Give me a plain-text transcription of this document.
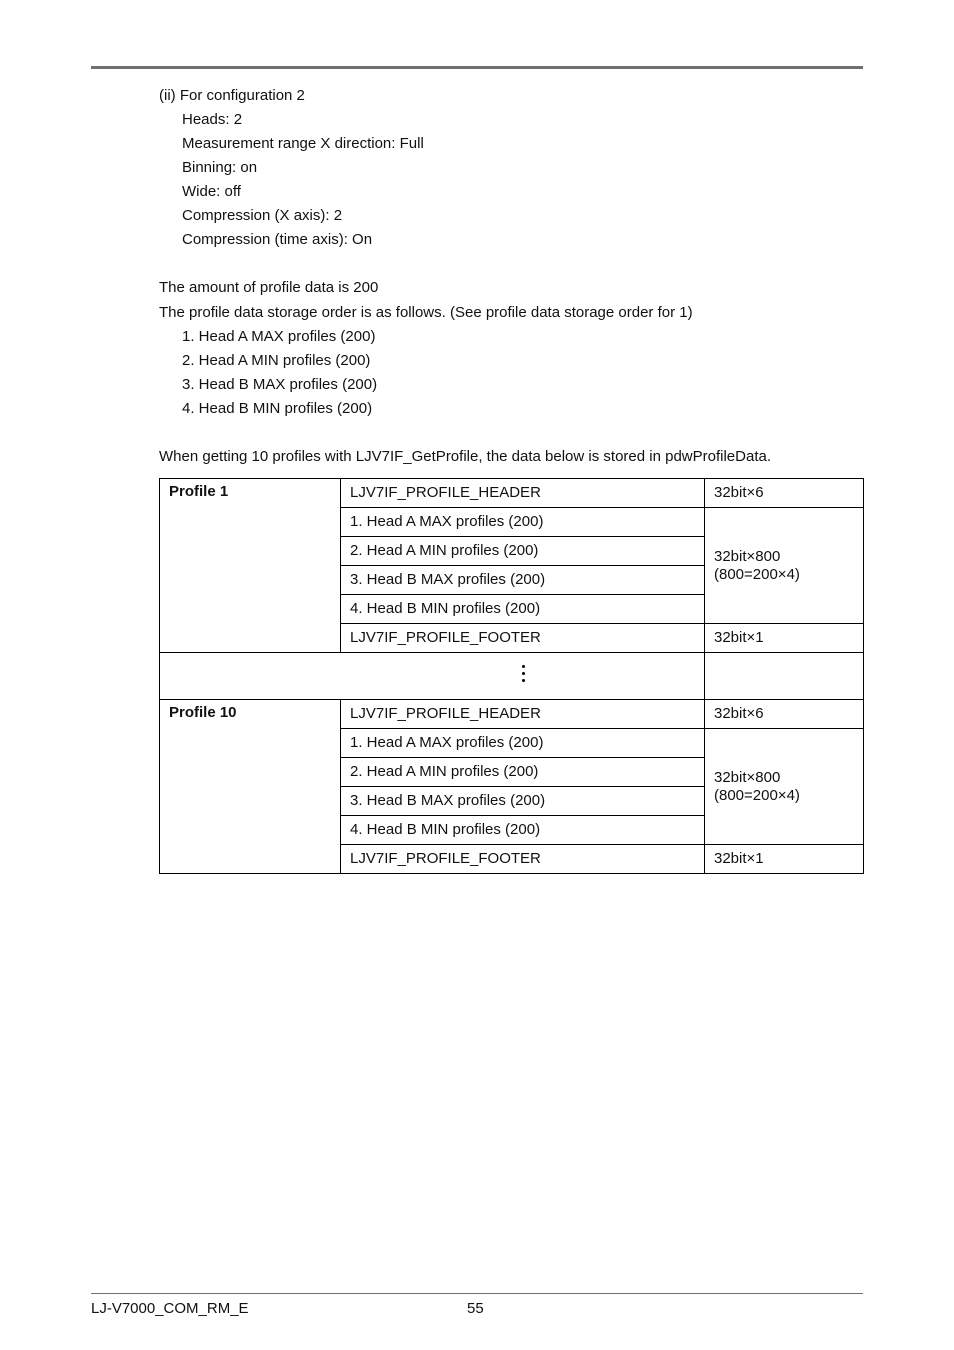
(ii) For configuration 2
Heads: 2
Measurement range X direction: Full
Binning: on
Wide: off
Compression (X axis): 2
Compression (time axis): On
The amount of profile data is 200
The profile data storage order is as follows. (See profile data storage order for 1)
1. Head A MAX profiles (200)
2. Head A MIN profiles (200)
3. Head B MAX profiles (200)
4. Head B MIN profiles (200)
When getting 10 profiles with LJV7IF_GetProfile, the data below is stored in pdwProfileData.
Profile 1	LJV7IF_PROFILE_HEADER	32bit×6
	1. Head A MAX profiles (200)	32bit×800
(800=200×4)

	2. Head A MIN profiles (200)	
	3. Head B MAX profiles (200)	
	4. Head B MIN profiles (200)	
	LJV7IF_PROFILE_FOOTER	32bit×1

Profile 10	LJV7IF_PROFILE_HEADER	32bit×6
	1. Head A MAX profiles (200)	32bit×800
(800=200×4)

	2. Head A MIN profiles (200)	
	3. Head B MAX profiles (200)	
	4. Head B MIN profiles (200)	
	LJV7IF_PROFILE_FOOTER	32bit×1
LJ-V7000_COM_RM_E	55
